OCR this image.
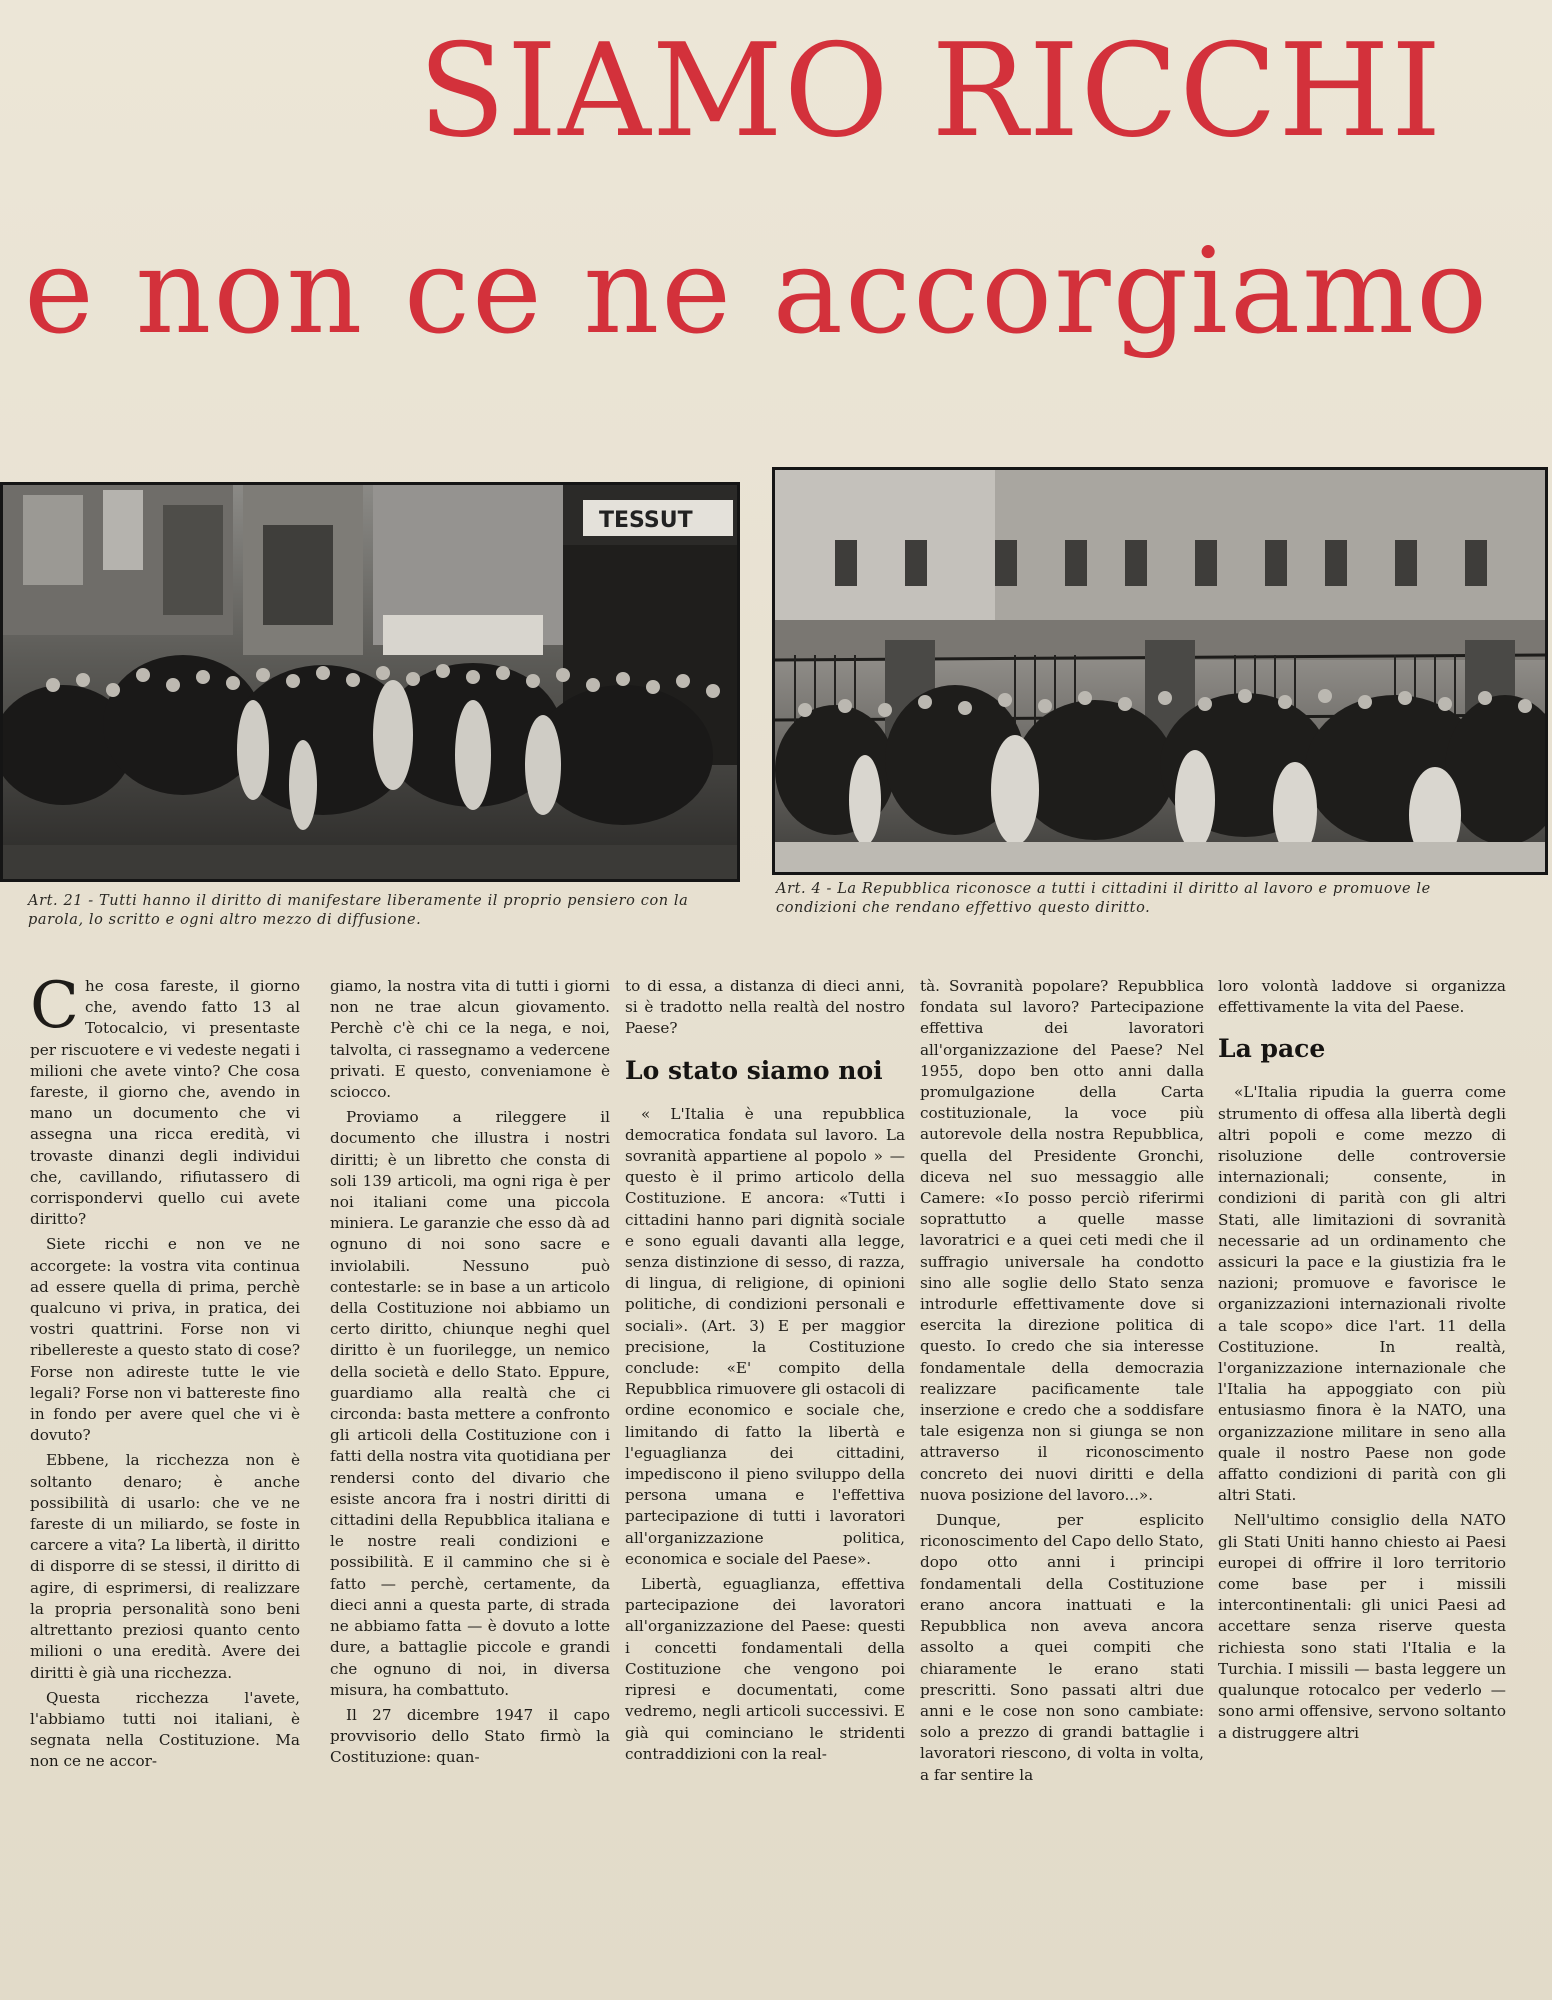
SIAMO RICCHI
e non ce ne accorgiamo
TESSUT
Art. 21 - Tutti hanno il diritto di manifestare liberamente il proprio pensiero con la parola, lo scritto e ogni altro mezzo di diffusione.
Art. 4 - La Repubblica riconosce a tutti i cittadini il diritto al lavoro e promuove le condizioni che rendano effettivo questo diritto.

Che cosa fareste, il giorno che, avendo fatto 13 al Totocalcio, vi presentaste per riscuotere e vi vedeste negati i milioni che avete vinto? Che cosa fareste, il giorno che, avendo in mano un documento che vi assegna una ricca eredità, vi trovaste dinanzi degli individui che, cavillando, rifiutassero di corrispondervi quello cui avete diritto?

Siete ricchi e non ve ne accorgete: la vostra vita continua ad essere quella di prima, perchè qualcuno vi priva, in pratica, dei vostri quattrini. Forse non vi ribellereste a questo stato di cose? Forse non adireste tutte le vie legali? Forse non vi battereste fino in fondo per avere quel che vi è dovuto?

Ebbene, la ricchezza non è soltanto denaro; è anche possibilità di usarlo: che ve ne fareste di un miliardo, se foste in carcere a vita? La libertà, il diritto di disporre di se stessi, il diritto di agire, di esprimersi, di realizzare la propria personalità sono beni altrettanto preziosi quanto cento milioni o una eredità. Avere dei diritti è già una ricchezza.

Questa ricchezza l'avete, l'abbiamo tutti noi italiani, è segnata nella Costituzione. Ma non ce ne accor-

giamo, la nostra vita di tutti i giorni non ne trae alcun giovamento. Perchè c'è chi ce la nega, e noi, talvolta, ci rassegnamo a vedercene privati. E questo, conveniamone è sciocco.

Proviamo a rileggere il documento che illustra i nostri diritti; è un libretto che consta di soli 139 articoli, ma ogni riga è per noi italiani come una piccola miniera. Le garanzie che esso dà ad ognuno di noi sono sacre e inviolabili. Nessuno può contestarle: se in base a un articolo della Costituzione noi abbiamo un certo diritto, chiunque neghi quel diritto è un fuorilegge, un nemico della società e dello Stato. Eppure, guardiamo alla realtà che ci circonda: basta mettere a confronto gli articoli della Costituzione con i fatti della nostra vita quotidiana per rendersi conto del divario che esiste ancora fra i nostri diritti di cittadini della Repubblica italiana e le nostre reali condizioni e possibilità. E il cammino che si è fatto — perchè, certamente, da dieci anni a questa parte, di strada ne abbiamo fatta — è dovuto a lotte dure, a battaglie piccole e grandi che ognuno di noi, in diversa misura, ha combattuto.

Il 27 dicembre 1947 il capo provvisorio dello Stato firmò la Costituzione: quan-

to di essa, a distanza di dieci anni, si è tradotto nella realtà del nostro Paese?

Lo stato siamo noi

« L'Italia è una repubblica democratica fondata sul lavoro. La sovranità appartiene al popolo » — questo è il primo articolo della Costituzione. E ancora: «Tutti i cittadini hanno pari dignità sociale e sono eguali davanti alla legge, senza distinzione di sesso, di razza, di lingua, di religione, di opinioni politiche, di condizioni personali e sociali». (Art. 3) E per maggior precisione, la Costituzione conclude: «E' compito della Repubblica rimuovere gli ostacoli di ordine economico e sociale che, limitando di fatto la libertà e l'eguaglianza dei cittadini, impediscono il pieno sviluppo della persona umana e l'effettiva partecipazione di tutti i lavoratori all'organizzazione politica, economica e sociale del Paese».

Libertà, eguaglianza, effettiva partecipazione dei lavoratori all'organizzazione del Paese: questi i concetti fondamentali della Costituzione che vengono poi ripresi e documentati, come vedremo, negli articoli successivi. E già qui cominciano le stridenti contraddizioni con la real-

tà. Sovranità popolare? Repubblica fondata sul lavoro? Partecipazione effettiva dei lavoratori all'organizzazione del Paese? Nel 1955, dopo ben otto anni dalla promulgazione della Carta costituzionale, la voce più autorevole della nostra Repubblica, quella del Presidente Gronchi, diceva nel suo messaggio alle Camere: «Io posso perciò riferirmi soprattutto a quelle masse lavoratrici e a quei ceti medi che il suffragio universale ha condotto sino alle soglie dello Stato senza introdurle effettivamente dove si esercita la direzione politica di questo. Io credo che sia interesse fondamentale della democrazia realizzare pacificamente tale inserzione e credo che a soddisfare tale esigenza non si giunga se non attraverso il riconoscimento concreto dei nuovi diritti e della nuova posizione del lavoro...».

Dunque, per esplicito riconoscimento del Capo dello Stato, dopo otto anni i principi fondamentali della Costituzione erano ancora inattuati e la Repubblica non aveva ancora assolto a quei compiti che chiaramente le erano stati prescritti. Sono passati altri due anni e le cose non sono cambiate: solo a prezzo di grandi battaglie i lavoratori riescono, di volta in volta, a far sentire la

loro volontà laddove si organizza effettivamente la vita del Paese.

La pace

«L'Italia ripudia la guerra come strumento di offesa alla libertà degli altri popoli e come mezzo di risoluzione delle controversie internazionali; consente, in condizioni di parità con gli altri Stati, alle limitazioni di sovranità necessarie ad un ordinamento che assicuri la pace e la giustizia fra le nazioni; promuove e favorisce le organizzazioni internazionali rivolte a tale scopo» dice l'art. 11 della Costituzione. In realtà, l'organizzazione internazionale che l'Italia ha appoggiato con più entusiasmo finora è la NATO, una organizzazione militare in seno alla quale il nostro Paese non gode affatto condizioni di parità con gli altri Stati.

Nell'ultimo consiglio della NATO gli Stati Uniti hanno chiesto ai Paesi europei di offrire il loro territorio come base per i missili intercontinentali: gli unici Paesi ad accettare senza riserve questa richiesta sono stati l'Italia e la Turchia. I missili — basta leggere un qualunque rotocalco per vederlo — sono armi offensive, servono soltanto a distruggere altri
